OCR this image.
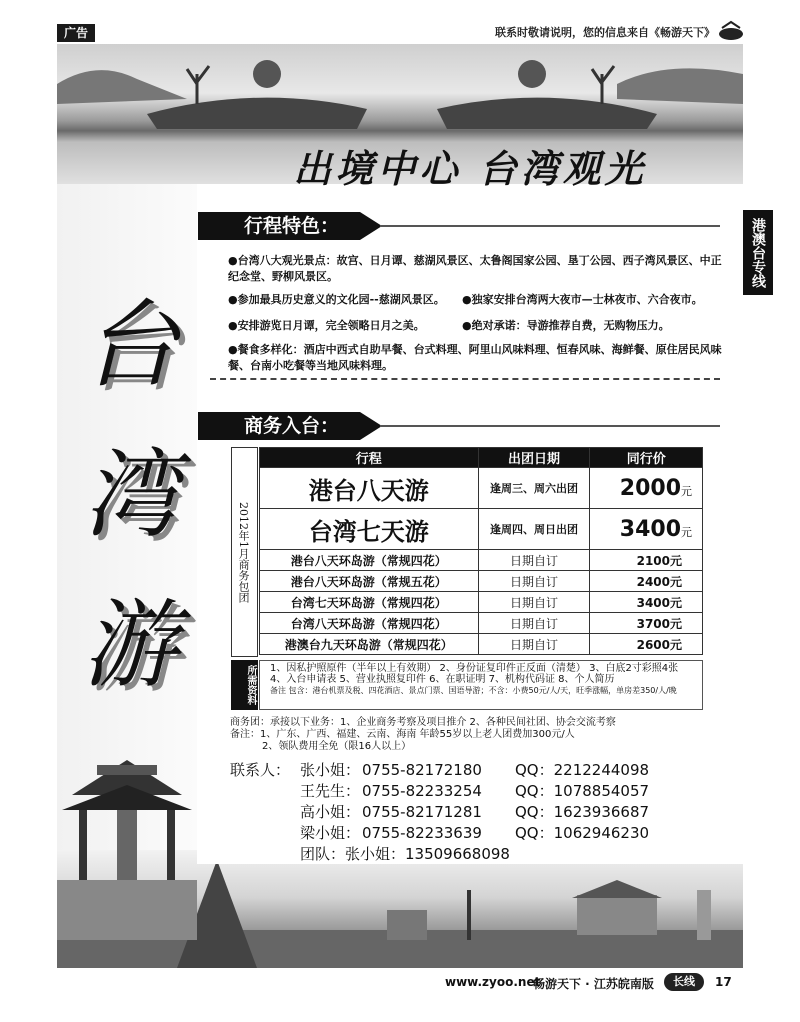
广告	联系时敬请说明，您的信息来自《畅游天下》
出境中心 台湾观光
港澳台专线
台湾游
行程特色：
●台湾八大观光景点：故宫、日月谭、慈湖风景区、太鲁阁国家公园、垦丁公园、西子湾风景区、中正纪念堂、野柳风景区。
●参加最具历史意义的文化园--慈湖风景区。	●独家安排台湾两大夜市—士林夜市、六合夜市。
●安排游览日月谭，完全领略日月之美。	●绝对承诺：导游推荐自费，无购物压力。
●餐食多样化：酒店中西式自助早餐、台式料理、阿里山风味料理、恒春风味、海鲜餐、原住居民风味餐、台南小吃餐等当地风味料理。
商务入台：
2012年1月商务包团
行程	出团日期	同行价
港台八天游	逢周三、周六出团	2000元
台湾七天游	逢周四、周日出团	3400元
港台八天环岛游（常规四花）	日期自订	2100元
港台八天环岛游（常规五花）	日期自订	2400元
台湾七天环岛游（常规四花）	日期自订	3400元
台湾八天环岛游（常规四花）	日期自订	3700元
港澳台九天环岛游（常规四花）	日期自订	2600元
所需资料 1、因私护照原件（半年以上有效期） 2、身份证复印件正反面（清楚） 3、白底2寸彩照4张
4、入台申请表 5、营业执照复印件 6、在职证明 7、机构代码证 8、个人简历
备注 包含：港台机票及税、四花酒店、景点门票、国语导游；不含：小费50元/人/天，旺季涨幅，单房差350/人/晚
商务团：承接以下业务：1、企业商务考察及项目推介 2、各种民间社团、协会交流考察
备注：1、广东、广西、福建、云南、海南 年龄55岁以上老人团费加300元/人
2、领队费用全免（限16人以上）
联系人： 张小姐： 0755-82172180 QQ：2212244098
王先生： 0755-82233254 QQ：1078854057
高小姐： 0755-82171281 QQ：1623936687
梁小姐： 0755-82233639 QQ：1062946230
团队：张小姐：13509668098
www.zyoo.net
畅游天下 · 江苏皖南版	长线	17
